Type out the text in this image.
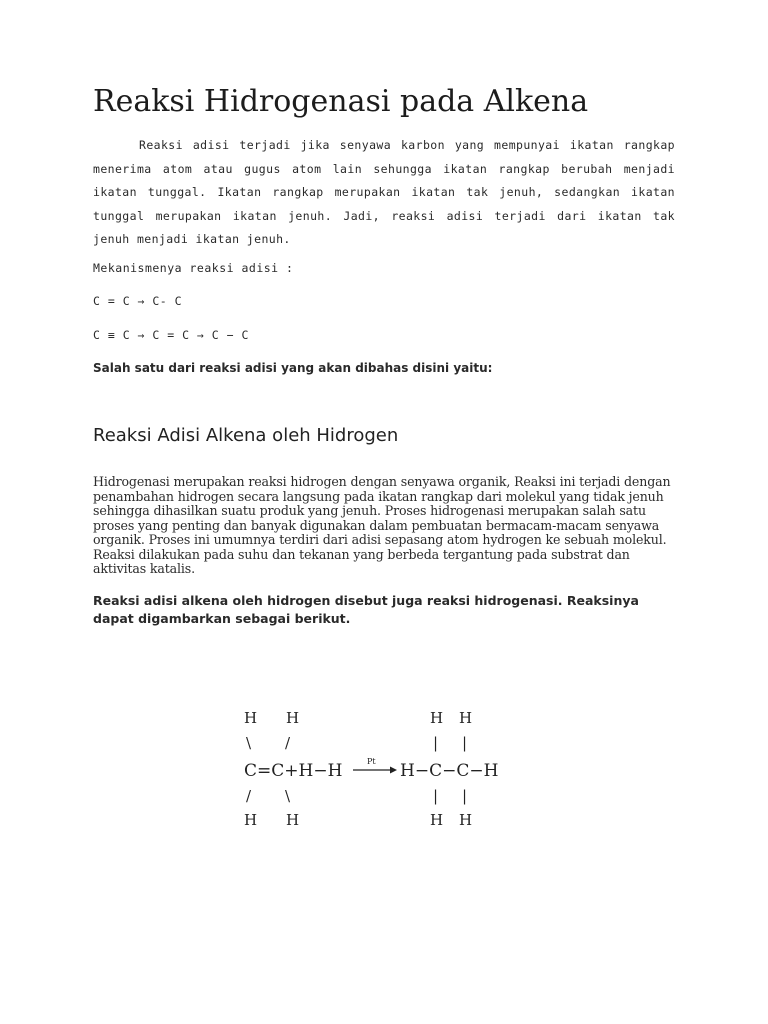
Reaksi Hidrogenasi pada Alkena

Reaksi adisi terjadi jika senyawa karbon yang mempunyai ikatan rangkap menerima atom atau gugus atom lain sehungga ikatan rangkap berubah menjadi ikatan tunggal. Ikatan rangkap merupakan ikatan tak jenuh, sedangkan ikatan tunggal merupakan ikatan jenuh. Jadi, reaksi adisi terjadi dari ikatan tak jenuh menjadi ikatan jenuh.

Mekanismenya reaksi adisi :

C = C → C- C

C ≡ C → C = C → C − C

Salah satu dari reaksi adisi yang akan dibahas disini yaitu:

Reaksi Adisi Alkena oleh Hidrogen

Hidrogenasi merupakan reaksi hidrogen dengan senyawa organik, Reaksi ini terjadi dengan penambahan hidrogen secara langsung pada ikatan rangkap dari molekul yang tidak jenuh sehingga dihasilkan suatu produk yang jenuh. Proses hidrogenasi merupakan salah satu proses yang penting dan banyak digunakan dalam pembuatan bermacam-macam senyawa organik. Proses ini umumnya terdiri dari adisi sepasang atom hydrogen ke sebuah molekul. Reaksi dilakukan pada suhu dan tekanan yang berbeda tergantung pada substrat dan aktivitas katalis.

Reaksi adisi alkena oleh hidrogen disebut juga reaksi hidrogenasi. Reaksinya dapat digambarkan sebagai berikut.

H H
\ /
C=C+H−H	Pt H−C−C−H
/ \
H H
H H
| |
| |
H H
